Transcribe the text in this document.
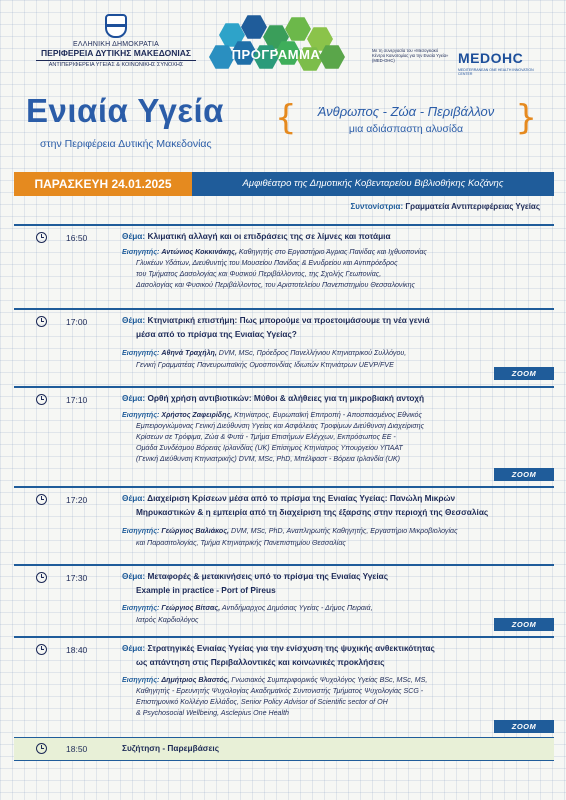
ΕΛΛΗΝΙΚΗ ΔΗΜΟΚΡΑΤΙΑ
ΠΕΡΙΦΕΡΕΙΑ ΔΥΤΙΚΗΣ ΜΑΚΕΔΟΝΙΑΣ
ΑΝΤΙΠΕΡΙΦΕΡΕΙΑ ΥΓΕΙΑΣ & ΚΟΙΝΩΝΙΚΗΣ ΣΥΝΟΧΗΣ
ΠΡΟΓΡΑΜΜΑ	Με τη συνεργασία του «Μεσογειακό Κέντρο Καινοτομίας για την Ενιαία Υγεία» (MED-OHC)	MEDOHC
MEDITERRANEAN ONE HEALTH INNOVATION CENTER
Ενιαία Υγεία
στην Περιφέρεια Δυτικής Μακεδονίας
{	Άνθρωπος - Ζώα - Περιβάλλον
μια αδιάσπαστη αλυσίδα	}
ΠΑΡΑΣΚΕΥΗ 24.01.2025	Αμφιθέατρο της Δημοτικής Κοβενταρείου Βιβλιοθήκης Κοζάνης
Συντονίστρια: Γραμματεία Αντιπεριφέρειας Υγείας
16:50	Θέμα: Κλιματική αλλαγή και οι επιδράσεις της σε λίμνες και ποτάμια
Εισηγητής: Αντώνιος Κοκκινάκης, Καθηγητής στο Εργαστήριο Άγριας Πανίδας και Ιχθυοπονίας
Γλυκέων Υδάτων, Διευθυντής του Μουσείου Πανίδας & Ενυδρείου και Αντιπρόεδρος
του Τμήματος Δασολογίας και Φυσικού Περιβάλλοντος, της Σχολής Γεωπονίας,
Δασολογίας και Φυσικού Περιβάλλοντος, του Αριστοτελείου Πανεπιστημίου Θεσσαλονίκης
17:00	Θέμα: Κτηνιατρική επιστήμη: Πως μπορούμε να προετοιμάσουμε τη νέα γενιά
μέσα από το πρίσμα της Ενιαίας Υγείας?
Εισηγητής: Αθηνά Τραχήλη, DVM, MSc, Πρόεδρος Πανελλήνιου Κτηνιατρικού Συλλόγου,
Γενική Γραμματέας Πανευρωπαϊκής Ομοσπονδίας Ιδιωτών Κτηνιάτρων UEVP/FVE
ZOOM
17:10	Θέμα: Ορθή χρήση αντιβιοτικών: Μύθοι & αλήθειες για τη μικροβιακή αντοχή
Εισηγητής: Χρήστος Ζαφειρίδης, Κτηνίατρος, Ευρωπαϊκή Επιτροπή - Αποσπασμένος Εθνικός
Εμπειρογνώμονας Γενική Διεύθυνση Υγείας και Ασφάλειας Τροφίμων Διεύθυνση Διαχείρισης
Κρίσεων σε Τρόφιμα, Ζώα & Φυτά - Τμήμα Επισήμων Ελέγχων, Εκπρόσωπος ΕΕ -
Ομάδα Συνδέσμου Βόρειας Ιρλανδίας (UK) Επίσημος Κτηνίατρος Υπουργείου ΥΠΑΑΤ
(Γενική Διεύθυνση Κτηνιατρικής) DVM, MSc, PhD, Μπέλφαστ - Βόρεια Ιρλανδία (UK)
ZOOM
17:20	Θέμα: Διαχείριση Κρίσεων μέσα από το πρίσμα της Ενιαίας Υγείας: Πανώλη Μικρών
Μηρυκαστικών & η εμπειρία από τη διαχείριση της έξαρσης στην περιοχή της Θεσσαλίας
Εισηγητής: Γεώργιος Βαλιάκος, DVM, MSc, PhD, Αναπληρωτής Καθηγητής, Εργαστήριο Μικροβιολογίας
και Παρασιτολογίας, Τμήμα Κτηνιατρικής Πανεπιστημίου Θεσσαλίας
17:30	Θέμα: Μεταφορές & μετακινήσεις υπό το πρίσμα της Ενιαίας Υγείας
Example in practice - Port of Pireus
Εισηγητής: Γεώργιος Βίτσας, Αντιδήμαρχος Δημόσιας Υγείας - Δήμος Πειραιά,
Ιατρός Καρδιολόγος	ZOOM
18:40	Θέμα: Στρατηγικές Ενιαίας Υγείας για την ενίσχυση της ψυχικής ανθεκτικότητας
ως απάντηση στις Περιβαλλοντικές και κοινωνικές προκλήσεις
Εισηγητής: Δημήτριος Βλαστός, Γνωσιακός Συμπεριφορικός Ψυχολόγος Υγείας BSc, MSc, MS,
Καθηγητής - Ερευνητής Ψυχολογίας Ακαδημαϊκός Συντονιστής Τμήματος Ψυχολογίας SCG -
Επιστημονικό Κολλέγιο Ελλάδος, Senior Policy Advisor of Scientific sector of OH
& Psychosocial Wellbeing, Asclepius One Health
ZOOM
18:50	Συζήτηση - Παρεμβάσεις
